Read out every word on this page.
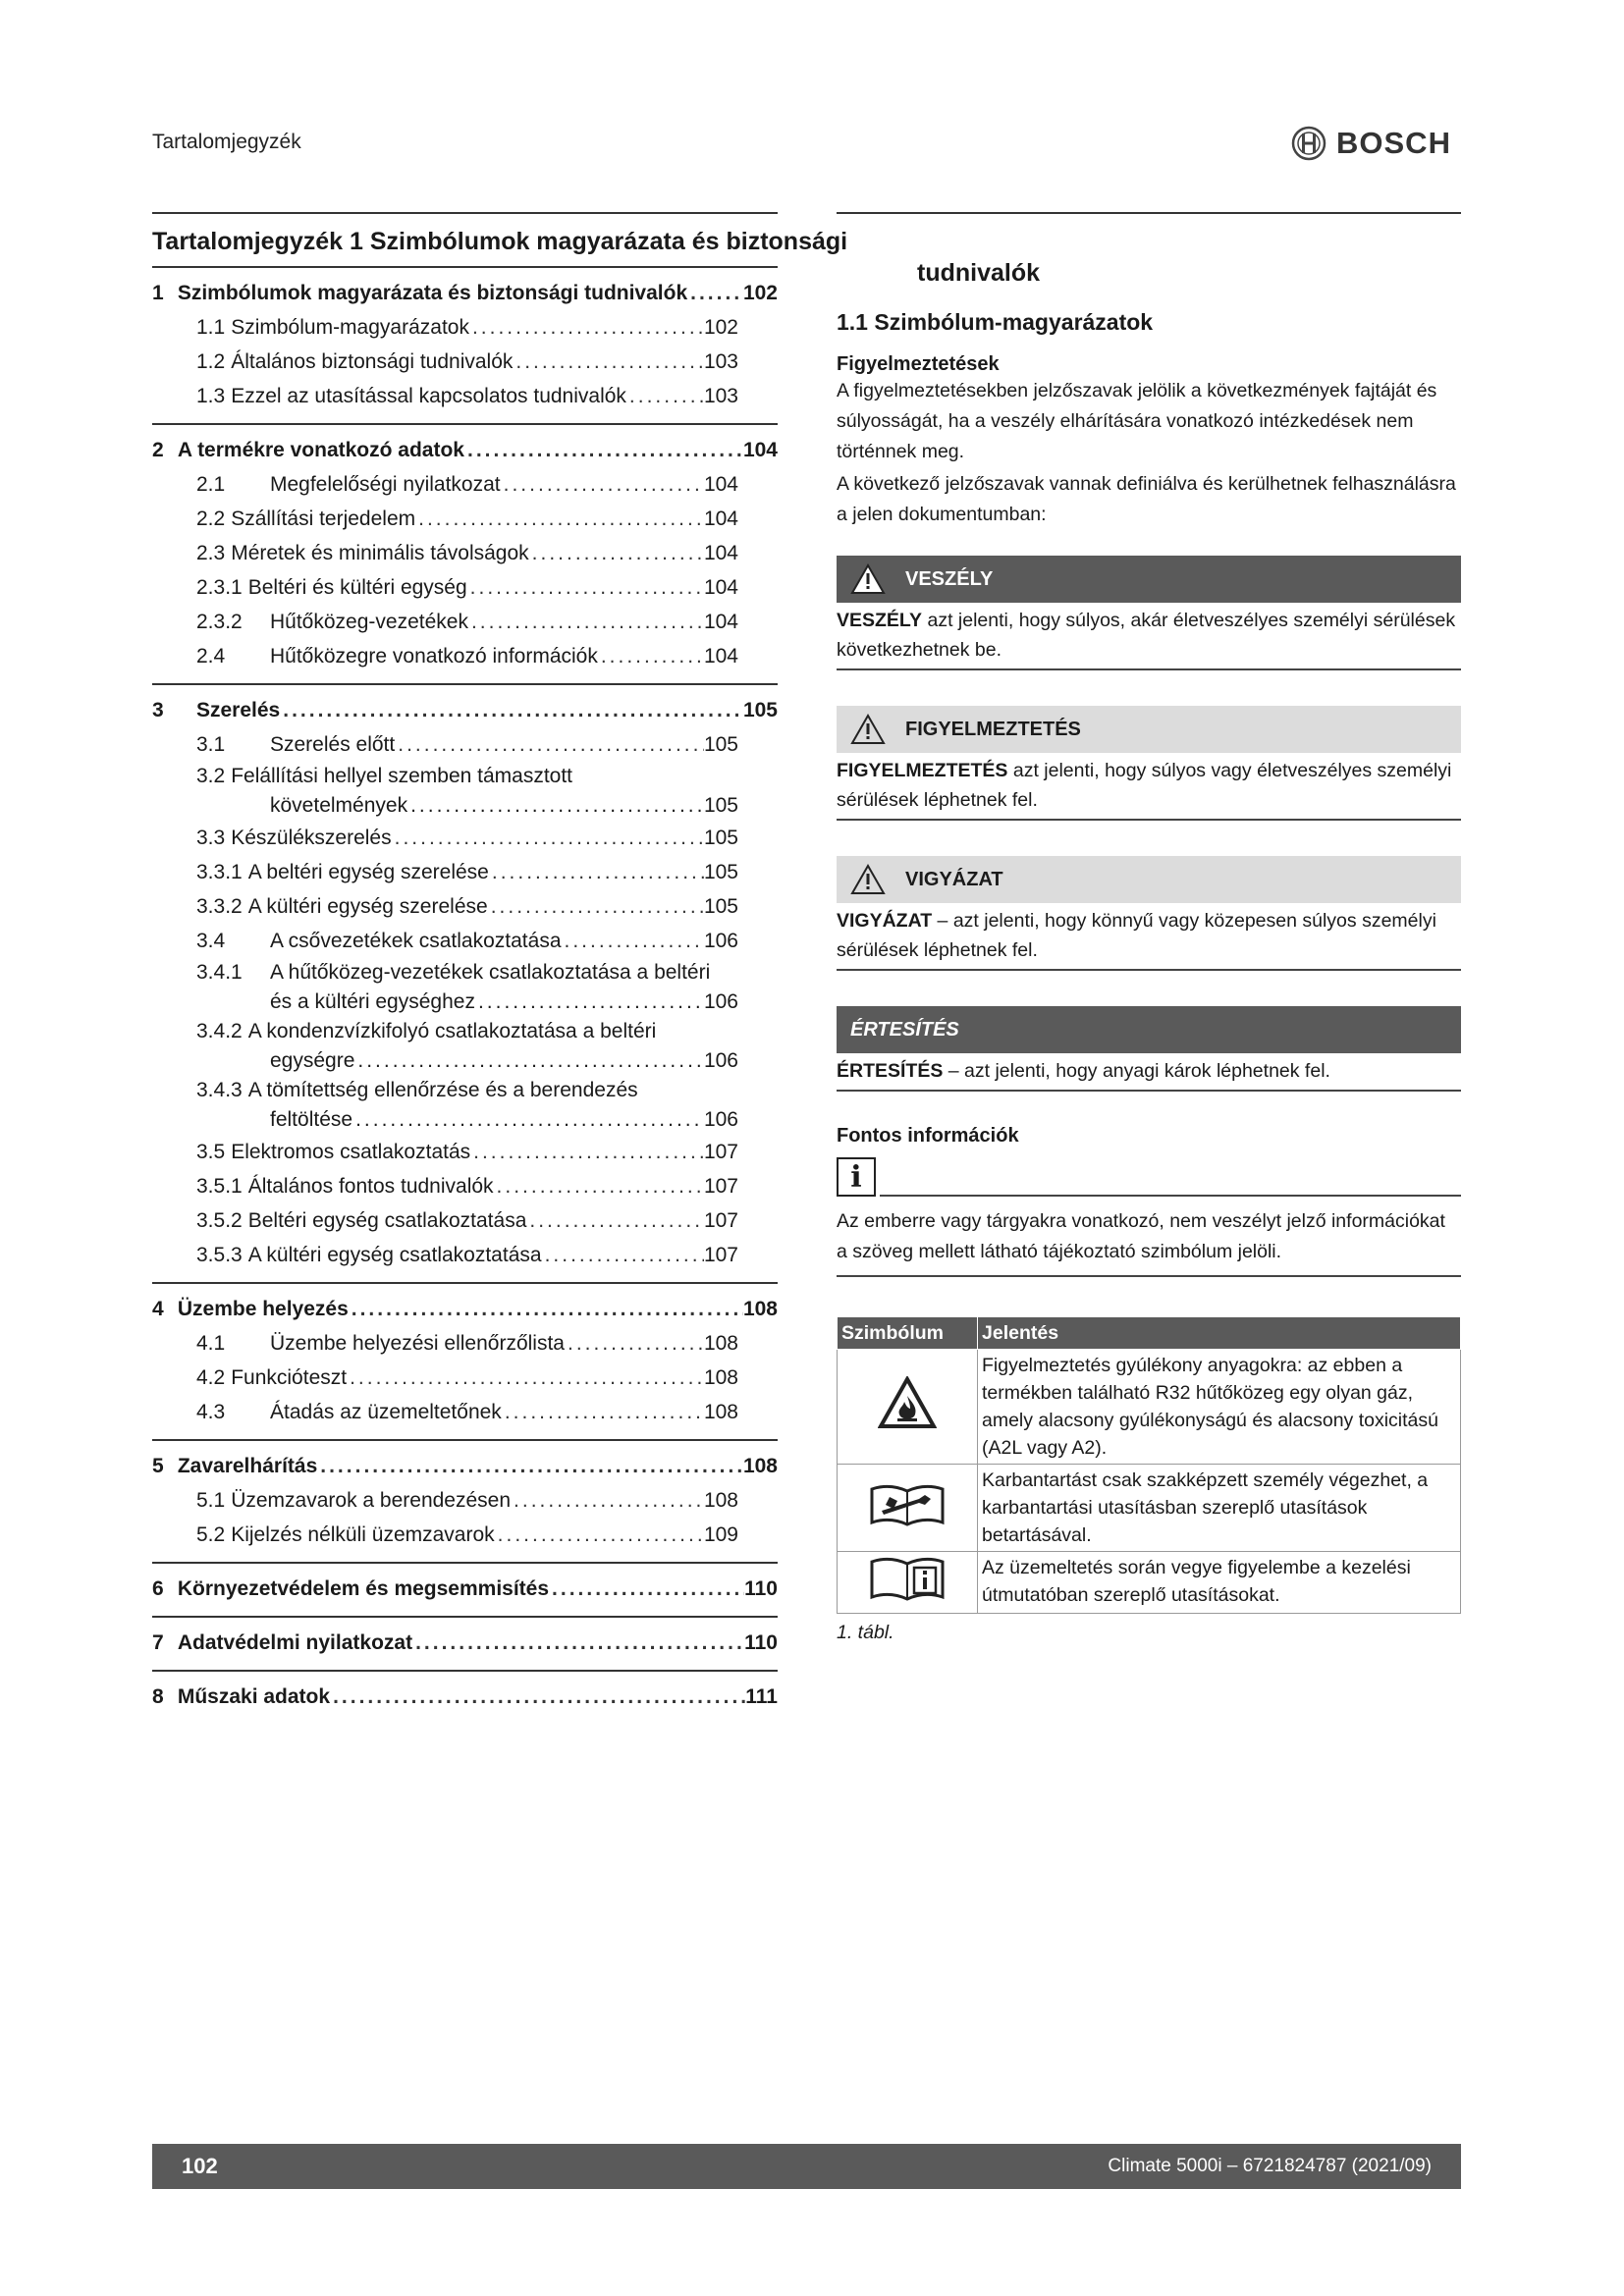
Tartalomjegyzék	BOSCH
Tartalomjegyzék 1 Szimbólumok magyarázata és biztonsági
1
Szimbólumok magyarázata és biztonsági tudnivalók .....	102
1.1 Szimbólum-magyarázatok .....	102
1.2 Általános biztonsági tudnivalók .....	103
1.3 Ezzel az utasítással kapcsolatos tudnivalók .....	103
2
A termékre vonatkozó adatok .....	104
2.1	Megfelelőségi nyilatkozat .....	104
2.2 Szállítási terjedelem .....	104
2.3 Méretek és minimális távolságok .....	104
2.3.1 Beltéri és kültéri egység .....	104
2.3.2	Hűtőközeg-vezetékek .....	104
2.4	Hűtőközegre vonatkozó információk .....	104
3	Szerelés .....	105
3.1	Szerelés előtt .....	105
3.2 Felállítási hellyel szemben támasztott
követelmények .....	105
3.3 Készülékszerelés .....	105
3.3.1 A beltéri egység szerelése .....	105
3.3.2 A kültéri egység szerelése .....	105
3.4	A csővezetékek csatlakoztatása .....	106
3.4.1 A hűtőközeg-vezetékek csatlakoztatása a beltéri
és a kültéri egységhez .....	106
3.4.2 A kondenzvízkifolyó csatlakoztatása a beltéri
egységre .....	106
3.4.3 A tömítettség ellenőrzése és a berendezés
feltöltése .....	106
3.5 Elektromos csatlakoztatás .....	107
3.5.1 Általános fontos tudnivalók .....	107
3.5.2 Beltéri egység csatlakoztatása .....	107
3.5.3 A kültéri egység csatlakoztatása .....	107
4
Üzembe helyezés .....	108
4.1	Üzembe helyezési ellenőrzőlista .....	108
4.2 Funkcióteszt .....	108
4.3	Átadás az üzemeltetőnek .....	108
5
Zavarelhárítás .....	108
5.1 Üzemzavarok a berendezésen .....	108
5.2 Kijelzés nélküli üzemzavarok .....	109
6
Környezetvédelem és megsemmisítés .....	110
7
Adatvédelmi nyilatkozat .....	110
8
Műszaki adatok .....	111
tudnivalók
1.1 Szimbólum-magyarázatok
Figyelmeztetések
A figyelmeztetésekben jelzőszavak jelölik a következmények fajtáját és súlyosságát, ha a veszély elhárítására vonatkozó intézkedések nem történnek meg.
A következő jelzőszavak vannak definiálva és kerülhetnek felhasználásra a jelen dokumentumban:
VESZÉLY
VESZÉLY azt jelenti, hogy súlyos, akár életveszélyes személyi sérülések következhetnek be.
FIGYELMEZTETÉS
FIGYELMEZTETÉS azt jelenti, hogy súlyos vagy életveszélyes személyi sérülések léphetnek fel.
VIGYÁZAT
VIGYÁZAT – azt jelenti, hogy könnyű vagy közepesen súlyos személyi sérülések léphetnek fel.
ÉRTESÍTÉS
ÉRTESÍTÉS – azt jelenti, hogy anyagi károk léphetnek fel.
Fontos információk
i
Az emberre vagy tárgyakra vonatkozó, nem veszélyt jelző információkat a szöveg mellett látható tájékoztató szimbólum jelöli.
Szimbólum	Jelentés
	Figyelmeztetés gyúlékony anyagokra: az ebben a termékben található R32 hűtőközeg egy olyan gáz, amely alacsony gyúlékonyságú és alacsony toxicitású (A2L vagy A2).
	Karbantartást csak szakképzett személy végezhet, a karbantartási utasításban szereplő utasítások betartásával.
	Az üzemeltetés során vegye figyelembe a kezelési útmutatóban szereplő utasításokat.
1. tábl.
102	Climate 5000i – 6721824787 (2021/09)
